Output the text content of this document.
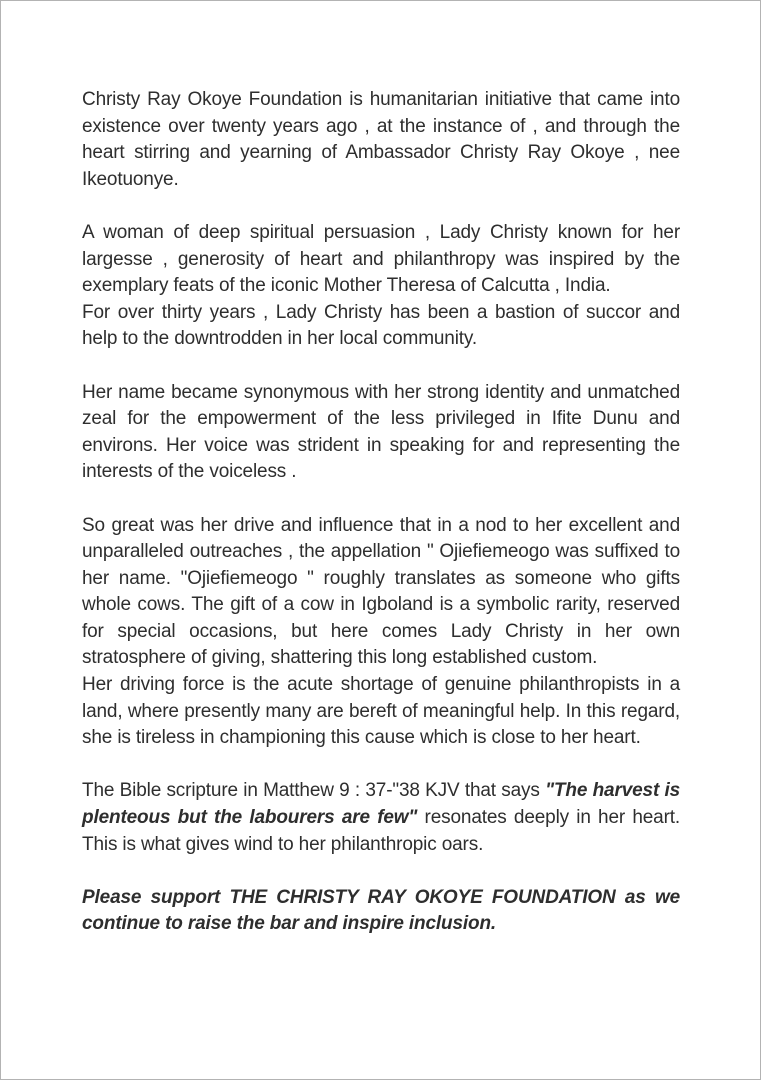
Christy Ray Okoye Foundation is humanitarian initiative that came into existence over twenty years ago , at the instance of , and through the heart stirring and yearning of Ambassador Christy Ray Okoye , nee Ikeotuonye.

A woman of deep spiritual persuasion , Lady Christy known for her largesse , generosity of heart and philanthropy was inspired by the exemplary feats of the iconic Mother Theresa of Calcutta , India.
For over thirty years , Lady Christy has been a bastion of succor and help to the downtrodden in her local community.

Her name became synonymous with her strong identity and unmatched zeal for the empowerment of the less privileged in Ifite Dunu and environs. Her voice was strident in speaking for and representing the interests of the voiceless .

So great was her drive and influence that in a nod to her excellent and unparalleled outreaches , the appellation " Ojiefiemeogo was suffixed to her name. "Ojiefiemeogo " roughly translates as someone who gifts whole cows. The gift of a cow in Igboland is a symbolic rarity, reserved for special occasions, but here comes Lady Christy in her own stratosphere of giving, shattering this long established custom.
Her driving force is the acute shortage of genuine philanthropists in a land, where presently many are bereft of meaningful help. In this regard, she is tireless in championing this cause which is close to her heart.

The Bible scripture in Matthew 9 : 37-"38 KJV that says "The harvest is plenteous but the labourers are few" resonates deeply in her heart. This is what gives wind to her philanthropic oars.

Please support THE CHRISTY RAY OKOYE FOUNDATION as we continue to raise the bar and inspire inclusion.
